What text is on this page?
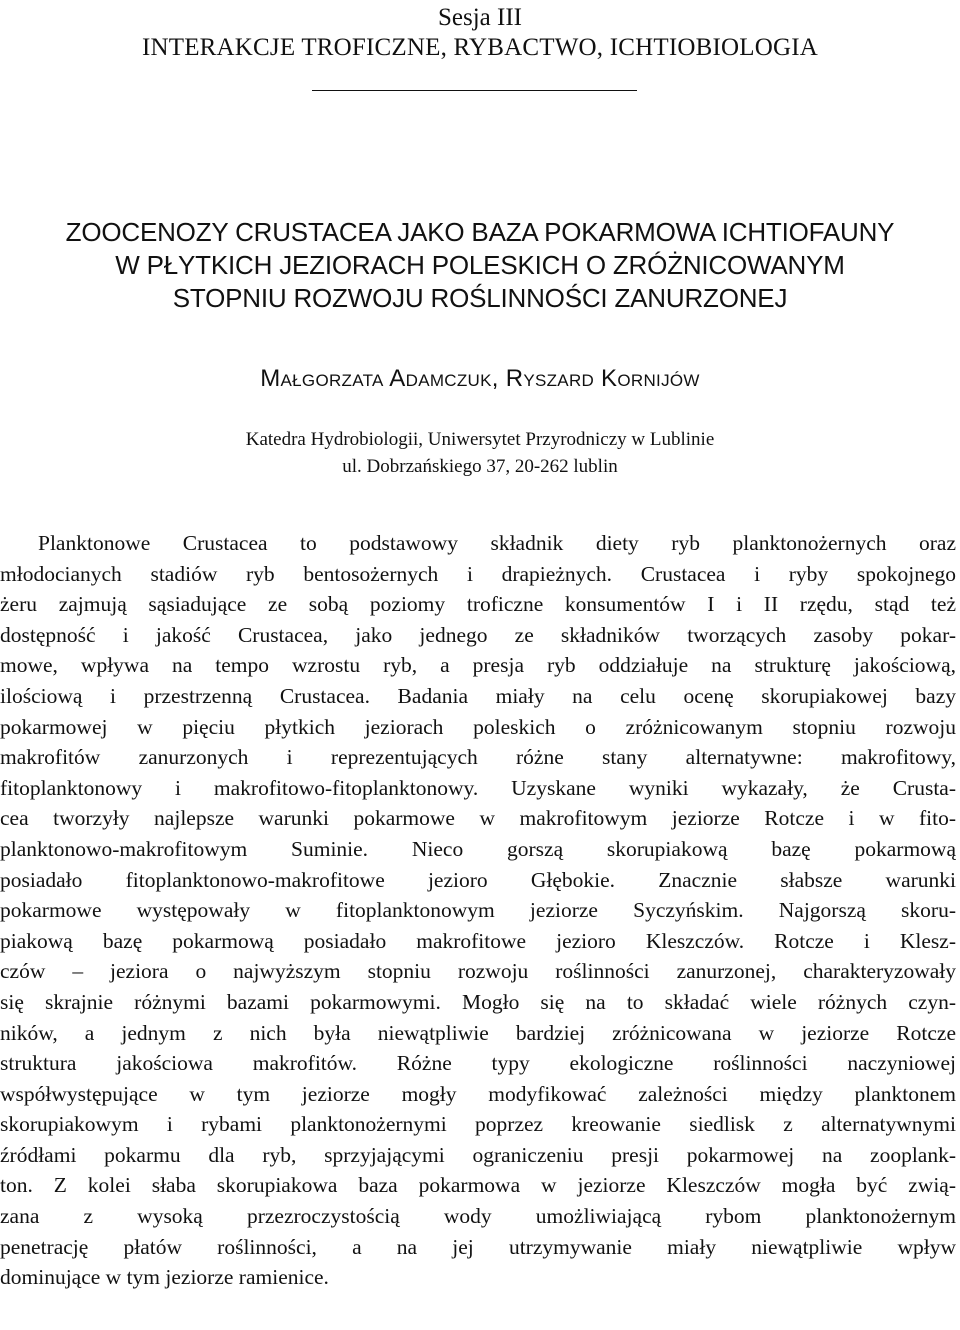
Sesja III
INTERAKCJE TROFICZNE, RYBACTWO, ICHTIOBIOLOGIA
ZOOCENOZY CRUSTACEA JAKO BAZA POKARMOWA ICHTIOFAUNY
W PŁYTKICH JEZIORACH POLESKICH O ZRÓŻNICOWANYM
STOPNIU ROZWOJU ROŚLINNOŚCI ZANURZONEJ
Małgorzata Adamczuk, Ryszard Kornijów
Katedra Hydrobiologii, Uniwersytet Przyrodniczy w Lublinie
ul. Dobrzańskiego 37, 20-262 lublin
Planktonowe Crustacea to podstawowy składnik diety ryb planktonożernych oraz
młodocianych stadiów ryb bentosożernych i drapieżnych. Crustacea i ryby spokojnego
żeru zajmują sąsiadujące ze sobą poziomy troficzne konsumentów I i II rzędu, stąd też
dostępność i jakość Crustacea, jako jednego ze składników tworzących zasoby pokar-
mowe, wpływa na tempo wzrostu ryb, a presja ryb oddziałuje na strukturę jakościową,
ilościową i przestrzenną Crustacea. Badania miały na celu ocenę skorupiakowej bazy
pokarmowej w pięciu płytkich jeziorach poleskich o zróżnicowanym stopniu rozwoju
makrofitów zanurzonych i reprezentujących różne stany alternatywne: makrofitowy,
fitoplanktonowy i makrofitowo-fitoplanktonowy. Uzyskane wyniki wykazały, że Crusta-
cea tworzyły najlepsze warunki pokarmowe w makrofitowym jeziorze Rotcze i w fito-
planktonowo-makrofitowym Suminie. Nieco gorszą skorupiakową bazę pokarmową
posiadało fitoplanktonowo-makrofitowe jezioro Głębokie. Znacznie słabsze warunki
pokarmowe występowały w fitoplanktonowym jeziorze Syczyńskim. Najgorszą skoru-
piakową bazę pokarmową posiadało makrofitowe jezioro Kleszczów. Rotcze i Klesz-
czów – jeziora o najwyższym stopniu rozwoju roślinności zanurzonej, charakteryzowały
się skrajnie różnymi bazami pokarmowymi. Mogło się na to składać wiele różnych czyn-
ników, a jednym z nich była niewątpliwie bardziej zróżnicowana w jeziorze Rotcze
struktura jakościowa makrofitów. Różne typy ekologiczne roślinności naczyniowej
współwystępujące w tym jeziorze mogły modyfikować zależności między planktonem
skorupiakowym i rybami planktonożernymi poprzez kreowanie siedlisk z alternatywnymi
źródłami pokarmu dla ryb, sprzyjającymi ograniczeniu presji pokarmowej na zooplank-
ton. Z kolei słaba skorupiakowa baza pokarmowa w jeziorze Kleszczów mogła być zwią-
zana z wysoką przezroczystością wody umożliwiającą rybom planktonożernym
penetrację płatów roślinności, a na jej utrzymywanie miały niewątpliwie wpływ
dominujące w tym jeziorze ramienice.
